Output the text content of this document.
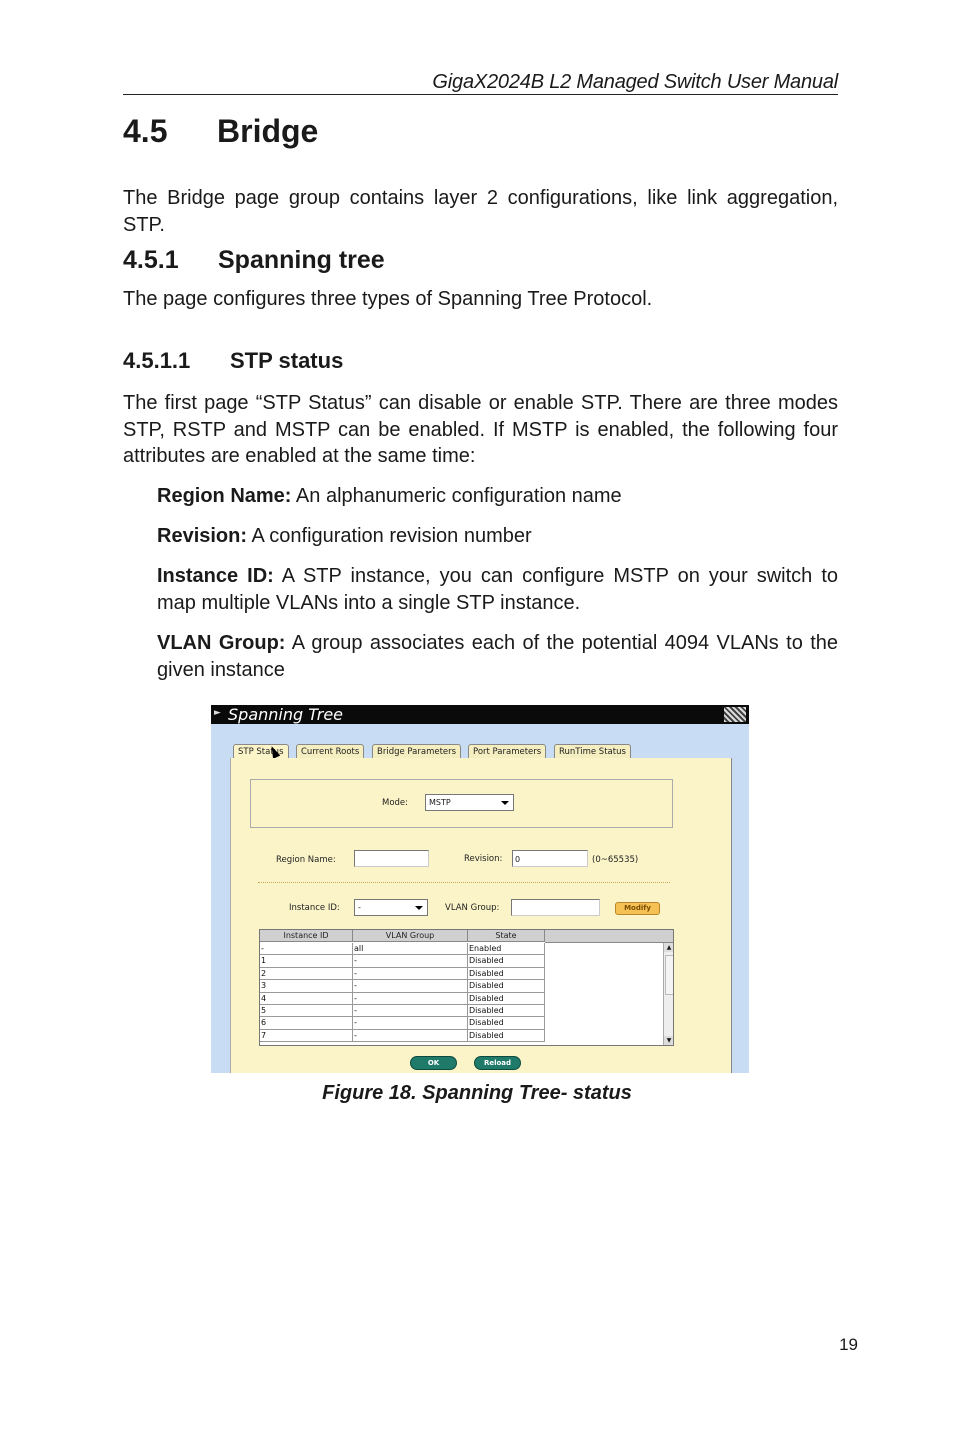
GigaX2024B L2 Managed Switch User Manual
4.5 Bridge

The Bridge page group contains layer 2 configurations, like link aggregation, STP.

4.5.1 Spanning tree

The page configures three types of Spanning Tree Protocol.

4.5.1.1 STP status

The first page “STP Status” can disable or enable STP. There are three modes STP, RSTP and MSTP can be enabled. If MSTP is enabled, the following four attributes are enabled at the same time:

Region Name: An alphanumeric configuration name

Revision: A configuration revision number

Instance ID: A STP instance, you can configure MSTP on your switch to map multiple VLANs into a single STP instance.

VLAN Group: A group associates each of the potential 4094 VLANs to the given instance

► Spanning Tree
STP Status	Current Roots	Bridge Parameters	Port Parameters	RunTime Status
Mode:	MSTP
Region Name:	Revision:	0	(0~65535)
Instance ID:	-	VLAN Group:	Modify
Instance ID	VLAN Group	State
-	all	Enabled
1	-	Disabled
2	-	Disabled
3	-	Disabled
4	-	Disabled
5	-	Disabled
6	-	Disabled
7	-	Disabled
▲
▼
OK	Reload
Figure 18. Spanning Tree- status
19
